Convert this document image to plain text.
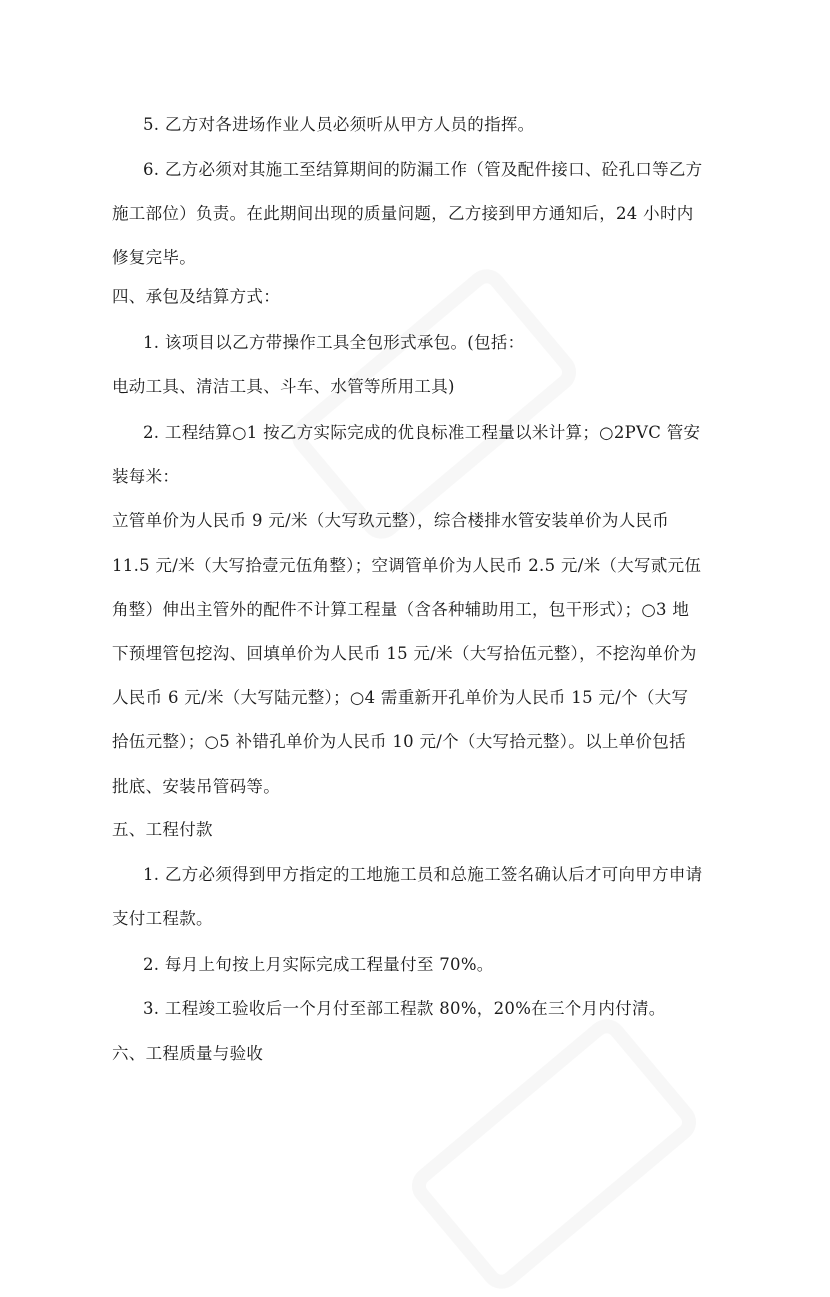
5. 乙方对各进场作业人员必须听从甲方人员的指挥。
6. 乙方必须对其施工至结算期间的防漏工作（管及配件接口、砼孔口等乙方
施工部位）负责。在此期间出现的质量问题，乙方接到甲方通知后，24 小时内
修复完毕。
四、承包及结算方式：
1. 该项目以乙方带操作工具全包形式承包。(包括：
电动工具、清洁工具、斗车、水管等所用工具)
2. 工程结算○1 按乙方实际完成的优良标准工程量以米计算；○2PVC 管安
装每米：
立管单价为人民币 9 元/米（大写玖元整），综合楼排水管安装单价为人民币
11.5 元/米（大写拾壹元伍角整）；空调管单价为人民币 2.5 元/米（大写贰元伍
角整）伸出主管外的配件不计算工程量（含各种辅助用工，包干形式）；○3 地
下预埋管包挖沟、回填单价为人民币 15 元/米（大写拾伍元整），不挖沟单价为
人民币 6 元/米（大写陆元整）；○4 需重新开孔单价为人民币 15 元/个（大写
拾伍元整）；○5 补错孔单价为人民币 10 元/个（大写拾元整）。以上单价包括
批底、安装吊管码等。
五、工程付款
1. 乙方必须得到甲方指定的工地施工员和总施工签名确认后才可向甲方申请
支付工程款。
2. 每月上旬按上月实际完成工程量付至 70%。
3. 工程竣工验收后一个月付至部工程款 80%，20%在三个月内付清。
六、工程质量与验收
